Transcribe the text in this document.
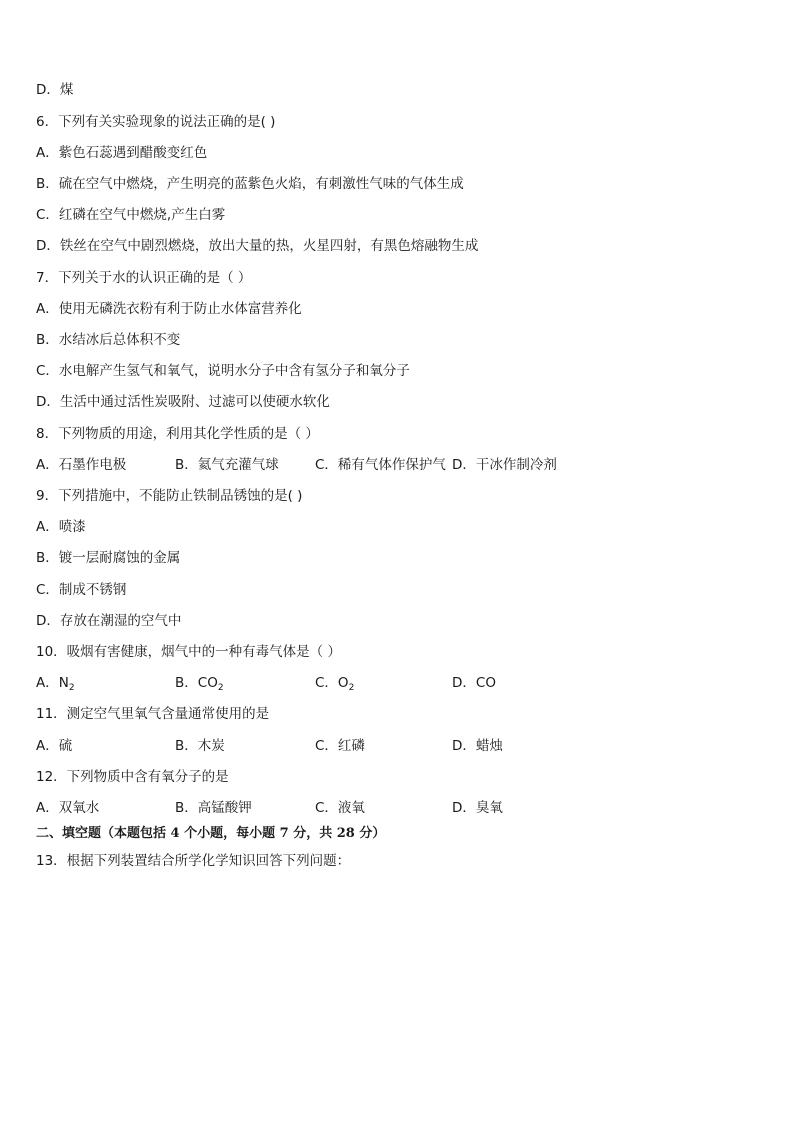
D．煤
6．下列有关实验现象的说法正确的是( )
A．紫色石蕊遇到醋酸变红色
B．硫在空气中燃烧，产生明亮的蓝紫色火焰，有刺激性气味的气体生成
C．红磷在空气中燃烧,产生白雾
D．铁丝在空气中剧烈燃烧，放出大量的热，火星四射，有黑色熔融物生成
7．下列关于水的认识正确的是（ ）
A．使用无磷洗衣粉有利于防止水体富营养化
B．水结冰后总体积不变
C．水电解产生氢气和氧气，说明水分子中含有氢分子和氧分子
D．生活中通过活性炭吸附、过滤可以使硬水软化
8．下列物质的用途，利用其化学性质的是（ ）
A．石墨作电极	B．氦气充灌气球	C．稀有气体作保护气 D．干冰作制冷剂
9．下列措施中，不能防止铁制品锈蚀的是( )
A．喷漆
B．镀一层耐腐蚀的金属
C．制成不锈钢
D．存放在潮湿的空气中
10．吸烟有害健康，烟气中的一种有毒气体是（ ）
A．$N_2$	B．$CO_2$	C．$O_2$	D．CO
11．测定空气里氧气含量通常使用的是
A．硫	B．木炭	C．红磷	D．蜡烛
12．下列物质中含有氧分子的是
A．双氧水	B．高锰酸钾	C．液氧	D．臭氧
二、填空题（本题包括 4 个小题，每小题 7 分，共 28 分）
13．根据下列装置结合所学化学知识回答下列问题：
